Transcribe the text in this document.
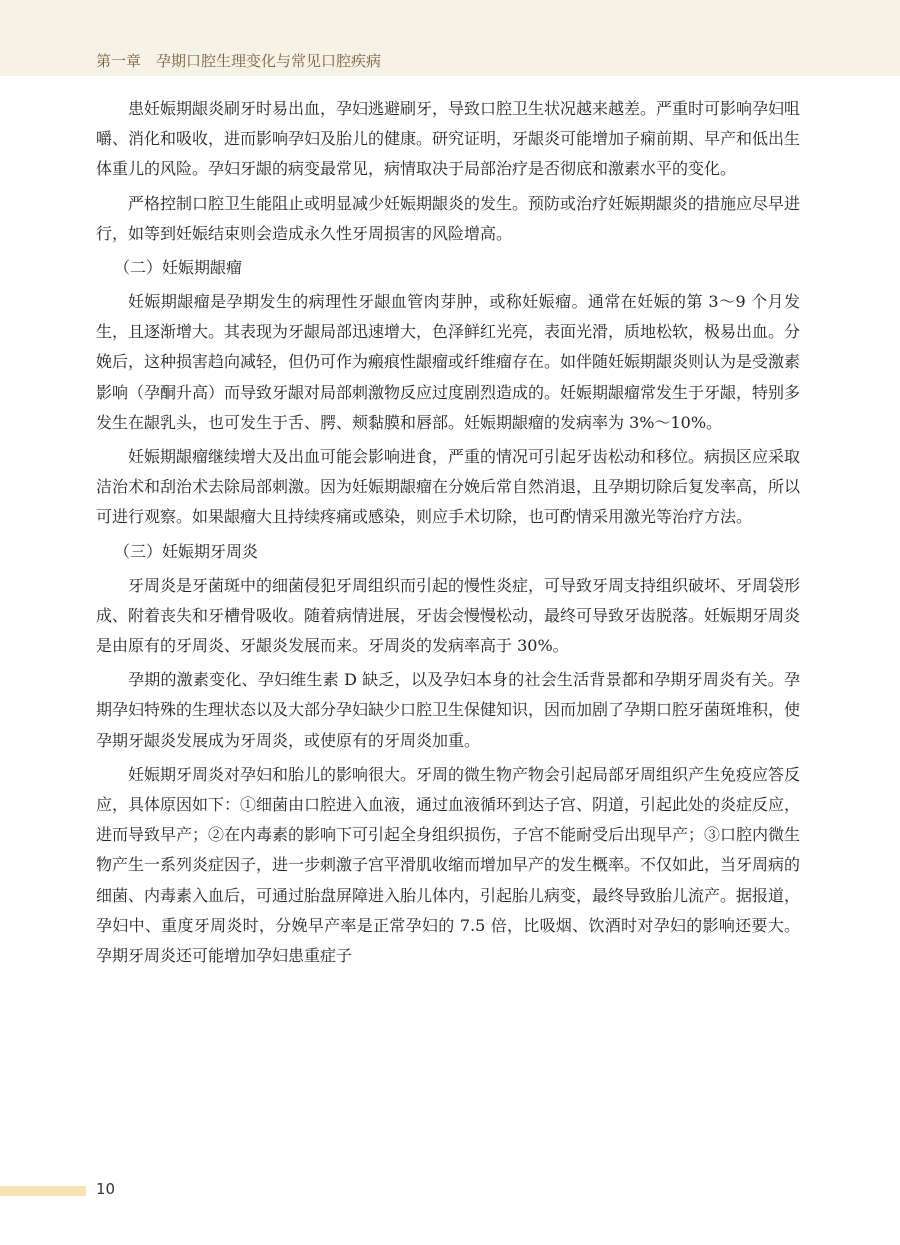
第一章　孕期口腔生理变化与常见口腔疾病

患妊娠期龈炎刷牙时易出血，孕妇逃避刷牙，导致口腔卫生状况越来越差。严重时可影响孕妇咀嚼、消化和吸收，进而影响孕妇及胎儿的健康。研究证明，牙龈炎可能增加子痫前期、早产和低出生体重儿的风险。孕妇牙龈的病变最常见，病情取决于局部治疗是否彻底和激素水平的变化。

严格控制口腔卫生能阻止或明显减少妊娠期龈炎的发生。预防或治疗妊娠期龈炎的措施应尽早进行，如等到妊娠结束则会造成永久性牙周损害的风险增高。

（二）妊娠期龈瘤

妊娠期龈瘤是孕期发生的病理性牙龈血管肉芽肿，或称妊娠瘤。通常在妊娠的第 3～9 个月发生，且逐渐增大。其表现为牙龈局部迅速增大，色泽鲜红光亮，表面光滑，质地松软，极易出血。分娩后，这种损害趋向减轻，但仍可作为瘢痕性龈瘤或纤维瘤存在。如伴随妊娠期龈炎则认为是受激素影响（孕酮升高）而导致牙龈对局部刺激物反应过度剧烈造成的。妊娠期龈瘤常发生于牙龈，特别多发生在龈乳头，也可发生于舌、腭、颊黏膜和唇部。妊娠期龈瘤的发病率为 3%～10%。

妊娠期龈瘤继续增大及出血可能会影响进食，严重的情况可引起牙齿松动和移位。病损区应采取洁治术和刮治术去除局部刺激。因为妊娠期龈瘤在分娩后常自然消退，且孕期切除后复发率高，所以可进行观察。如果龈瘤大且持续疼痛或感染，则应手术切除，也可酌情采用激光等治疗方法。

（三）妊娠期牙周炎

牙周炎是牙菌斑中的细菌侵犯牙周组织而引起的慢性炎症，可导致牙周支持组织破坏、牙周袋形成、附着丧失和牙槽骨吸收。随着病情进展，牙齿会慢慢松动，最终可导致牙齿脱落。妊娠期牙周炎是由原有的牙周炎、牙龈炎发展而来。牙周炎的发病率高于 30%。

孕期的激素变化、孕妇维生素 D 缺乏，以及孕妇本身的社会生活背景都和孕期牙周炎有关。孕期孕妇特殊的生理状态以及大部分孕妇缺少口腔卫生保健知识，因而加剧了孕期口腔牙菌斑堆积，使孕期牙龈炎发展成为牙周炎，或使原有的牙周炎加重。

妊娠期牙周炎对孕妇和胎儿的影响很大。牙周的微生物产物会引起局部牙周组织产生免疫应答反应，具体原因如下：①细菌由口腔进入血液，通过血液循环到达子宫、阴道，引起此处的炎症反应，进而导致早产；②在内毒素的影响下可引起全身组织损伤，子宫不能耐受后出现早产；③口腔内微生物产生一系列炎症因子，进一步刺激子宫平滑肌收缩而增加早产的发生概率。不仅如此，当牙周病的细菌、内毒素入血后，可通过胎盘屏障进入胎儿体内，引起胎儿病变，最终导致胎儿流产。据报道，孕妇中、重度牙周炎时，分娩早产率是正常孕妇的 7.5 倍，比吸烟、饮酒时对孕妇的影响还要大。孕期牙周炎还可能增加孕妇患重症子

10
